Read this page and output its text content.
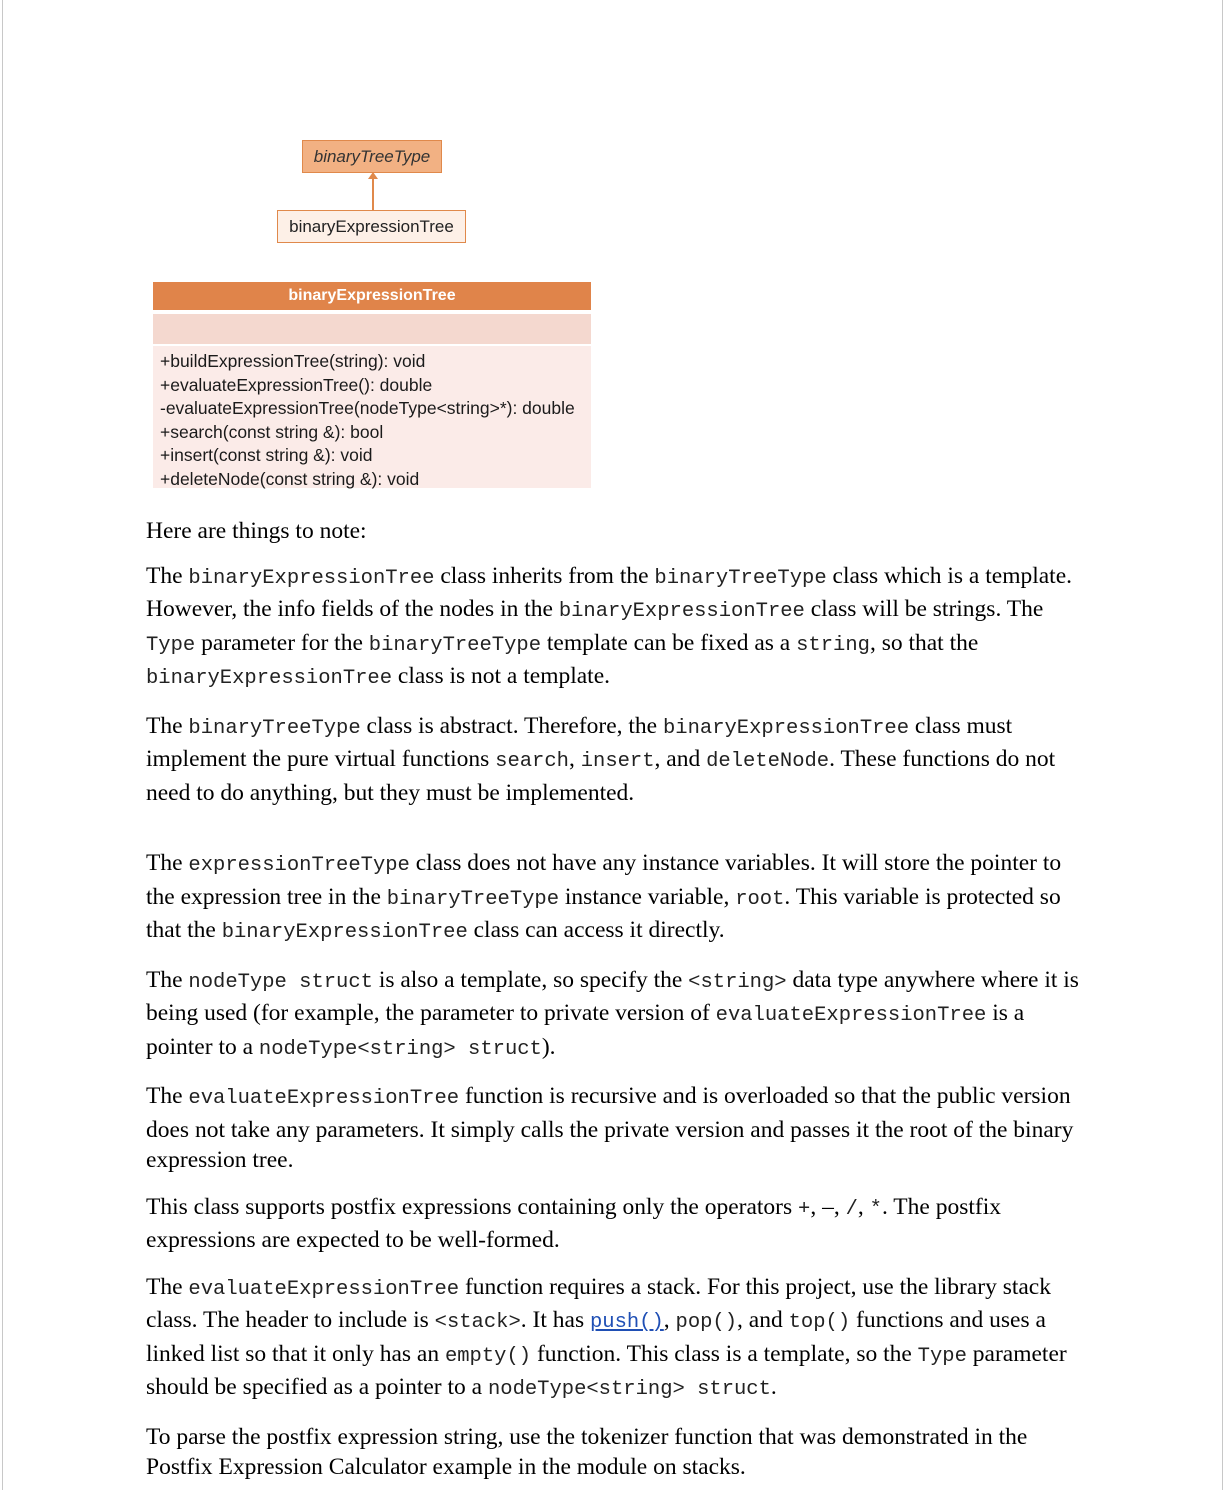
binaryTreeType
binaryExpressionTree
binaryExpressionTree
+buildExpressionTree(string): void
+evaluateExpressionTree(): double
-evaluateExpressionTree(nodeType<string>*): double
+search(const string &): bool
+insert(const string &): void
+deleteNode(const string &): void

Here are things to note:

The binaryExpressionTree class inherits from the binaryTreeType class which is a template. However, the info fields of the nodes in the binaryExpressionTree class will be strings. The Type parameter for the binaryTreeType template can be fixed as a string, so that the binaryExpressionTree class is not a template.

The binaryTreeType class is abstract. Therefore, the binaryExpressionTree class must implement the pure virtual functions search, insert, and deleteNode. These functions do not need to do anything, but they must be implemented.

The expressionTreeType class does not have any instance variables. It will store the pointer to the expression tree in the binaryTreeType instance variable, root. This variable is protected so that the binaryExpressionTree class can access it directly.

The nodeType struct is also a template, so specify the <string> data type anywhere where it is being used (for example, the parameter to private version of evaluateExpressionTree is a pointer to a nodeType<string> struct).

The evaluateExpressionTree function is recursive and is overloaded so that the public version does not take any parameters. It simply calls the private version and passes it the root of the binary expression tree.

This class supports postfix expressions containing only the operators +, –, /, *. The postfix expressions are expected to be well-formed.

The evaluateExpressionTree function requires a stack. For this project, use the library stack class. The header to include is <stack>. It has push(), pop(), and top() functions and uses a linked list so that it only has an empty() function. This class is a template, so the Type parameter should be specified as a pointer to a nodeType<string> struct.

To parse the postfix expression string, use the tokenizer function that was demonstrated in the Postfix Expression Calculator example in the module on stacks.
